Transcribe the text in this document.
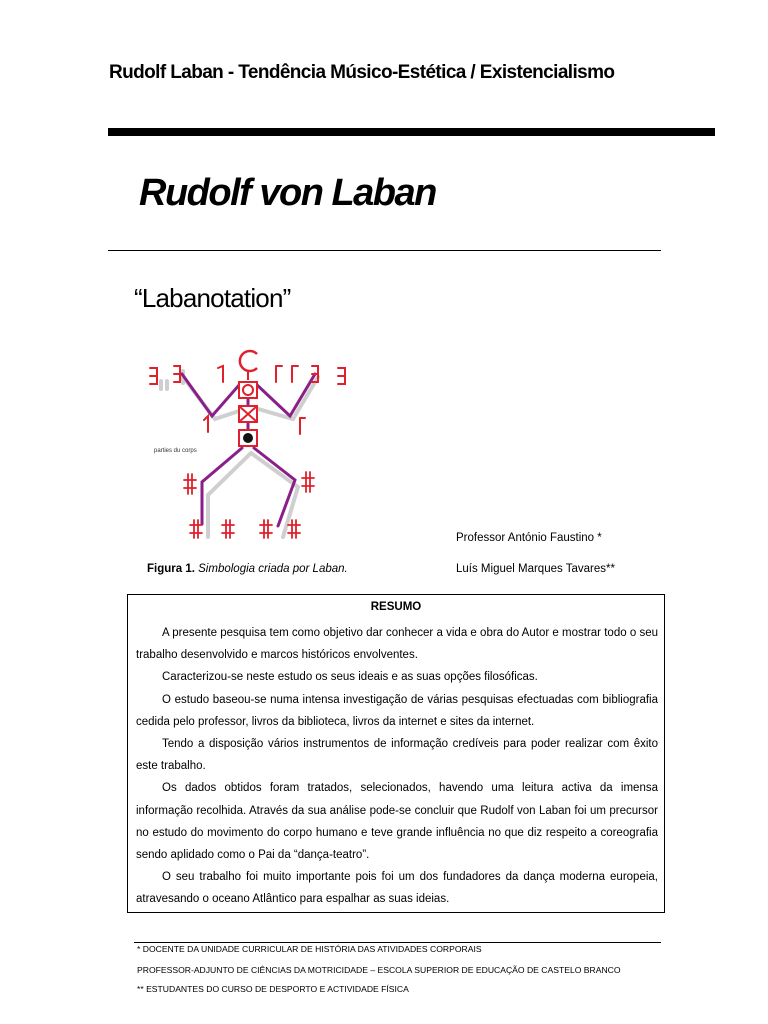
Rudolf Laban - Tendência Músico-Estética / Existencialismo
Rudolf von Laban
“Labanotation”
parties du corps
Figura 1. Simbologia criada por Laban.
Professor António Faustino *
Luís Miguel Marques Tavares**
RESUMO

A presente pesquisa tem como objetivo dar conhecer a vida e obra do Autor e mostrar todo o seu trabalho desenvolvido e marcos históricos envolventes.

Caracterizou-se neste estudo os seus ideais e as suas opções filosóficas.

O estudo baseou-se numa intensa investigação de várias pesquisas efectuadas com bibliografia cedida pelo professor, livros da biblioteca, livros da internet e sites da internet.

Tendo a disposição vários instrumentos de informação credíveis para poder realizar com êxito este trabalho.

Os dados obtidos foram tratados, selecionados, havendo uma leitura activa da imensa informação recolhida. Através da sua análise pode-se concluir que Rudolf von Laban foi um precursor no estudo do movimento do corpo humano e teve grande influência no que diz respeito a coreografia sendo aplidado como o Pai da “dança-teatro”.

O seu trabalho foi muito importante pois foi um dos fundadores da dança moderna europeia, atravesando o oceano Atlântico para espalhar as suas ideias.

* DOCENTE DA UNIDADE CURRICULAR DE HISTÓRIA DAS ATIVIDADES CORPORAIS
PROFESSOR-ADJUNTO DE CIÊNCIAS DA MOTRICIDADE – ESCOLA SUPERIOR DE EDUCAÇÃO DE CASTELO BRANCO
** ESTUDANTES DO CURSO DE DESPORTO E ACTIVIDADE FÍSICA
